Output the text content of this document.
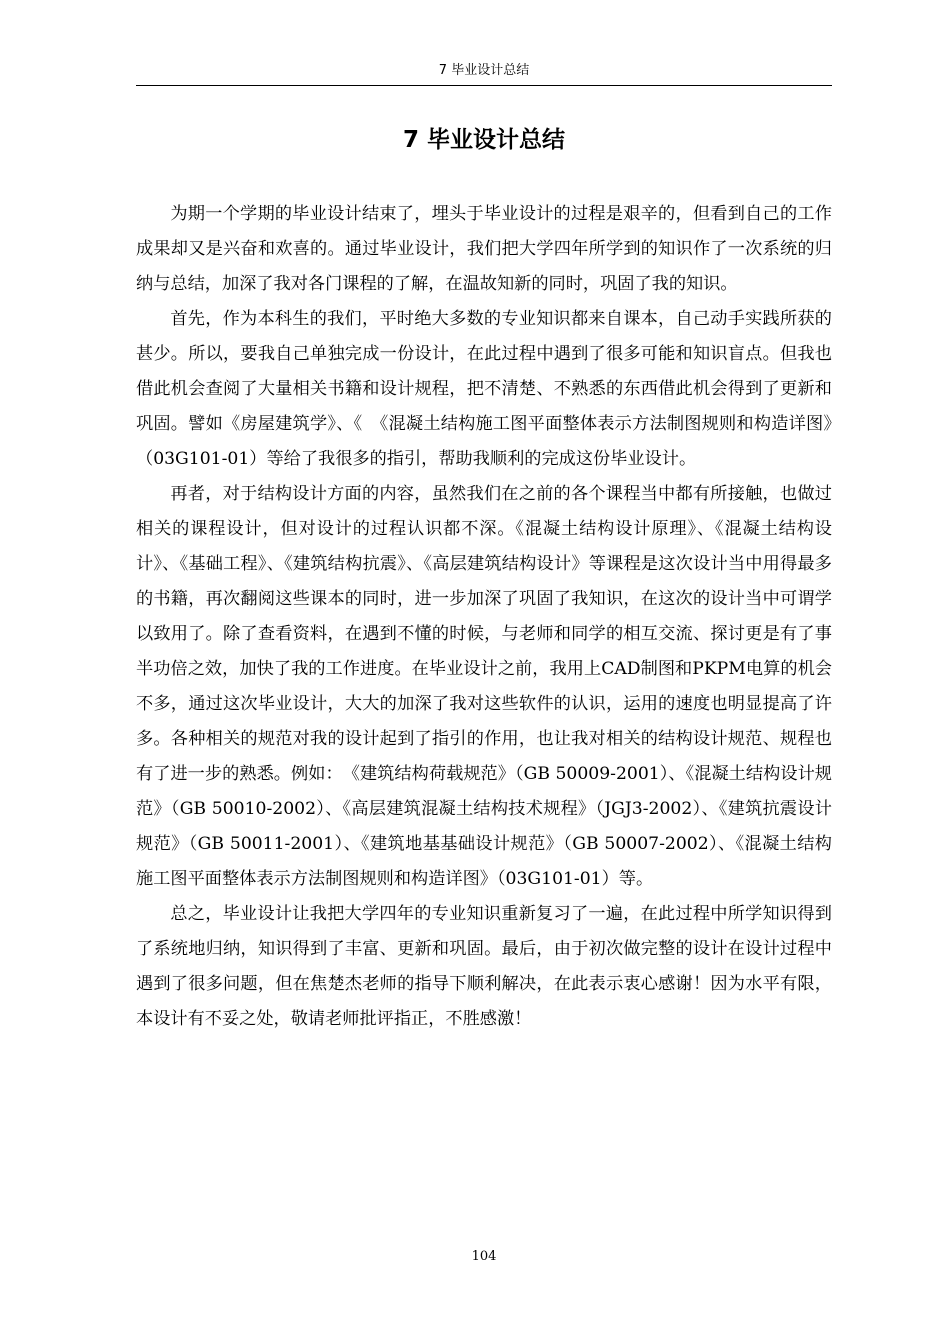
7 毕业设计总结
7 毕业设计总结

为期一个学期的毕业设计结束了，埋头于毕业设计的过程是艰辛的，但看到自己的工作成果却又是兴奋和欢喜的。通过毕业设计，我们把大学四年所学到的知识作了一次系统的归纳与总结，加深了我对各门课程的了解，在温故知新的同时，巩固了我的知识。

首先，作为本科生的我们，平时绝大多数的专业知识都来自课本，自己动手实践所获的甚少。所以，要我自己单独完成一份设计，在此过程中遇到了很多可能和知识盲点。但我也借此机会查阅了大量相关书籍和设计规程，把不清楚、不熟悉的东西借此机会得到了更新和巩固。譬如《房屋建筑学》、《　《混凝土结构施工图平面整体表示方法制图规则和构造详图》（03G101-01）等给了我很多的指引，帮助我顺利的完成这份毕业设计。

再者，对于结构设计方面的内容，虽然我们在之前的各个课程当中都有所接触，也做过相关的课程设计，但对设计的过程认识都不深。《混凝土结构设计原理》、《混凝土结构设计》、《基础工程》、《建筑结构抗震》、《高层建筑结构设计》等课程是这次设计当中用得最多的书籍，再次翻阅这些课本的同时，进一步加深了巩固了我知识，在这次的设计当中可谓学以致用了。除了查看资料，在遇到不懂的时候，与老师和同学的相互交流、探讨更是有了事半功倍之效，加快了我的工作进度。在毕业设计之前，我用上CAD制图和PKPM电算的机会不多，通过这次毕业设计，大大的加深了我对这些软件的认识，运用的速度也明显提高了许多。各种相关的规范对我的设计起到了指引的作用，也让我对相关的结构设计规范、规程也有了进一步的熟悉。例如：　《建筑结构荷载规范》（GB 50009-2001）、《混凝土结构设计规范》（GB 50010-2002）、《高层建筑混凝土结构技术规程》（JGJ3-2002）、《建筑抗震设计规范》（GB 50011-2001）、《建筑地基基础设计规范》（GB 50007-2002）、《混凝土结构施工图平面整体表示方法制图规则和构造详图》（03G101-01）等。

总之，毕业设计让我把大学四年的专业知识重新复习了一遍，在此过程中所学知识得到了系统地归纳，知识得到了丰富、更新和巩固。最后，由于初次做完整的设计在设计过程中遇到了很多问题，但在焦楚杰老师的指导下顺利解决，在此表示衷心感谢！因为水平有限，本设计有不妥之处，敬请老师批评指正，不胜感激！

104
